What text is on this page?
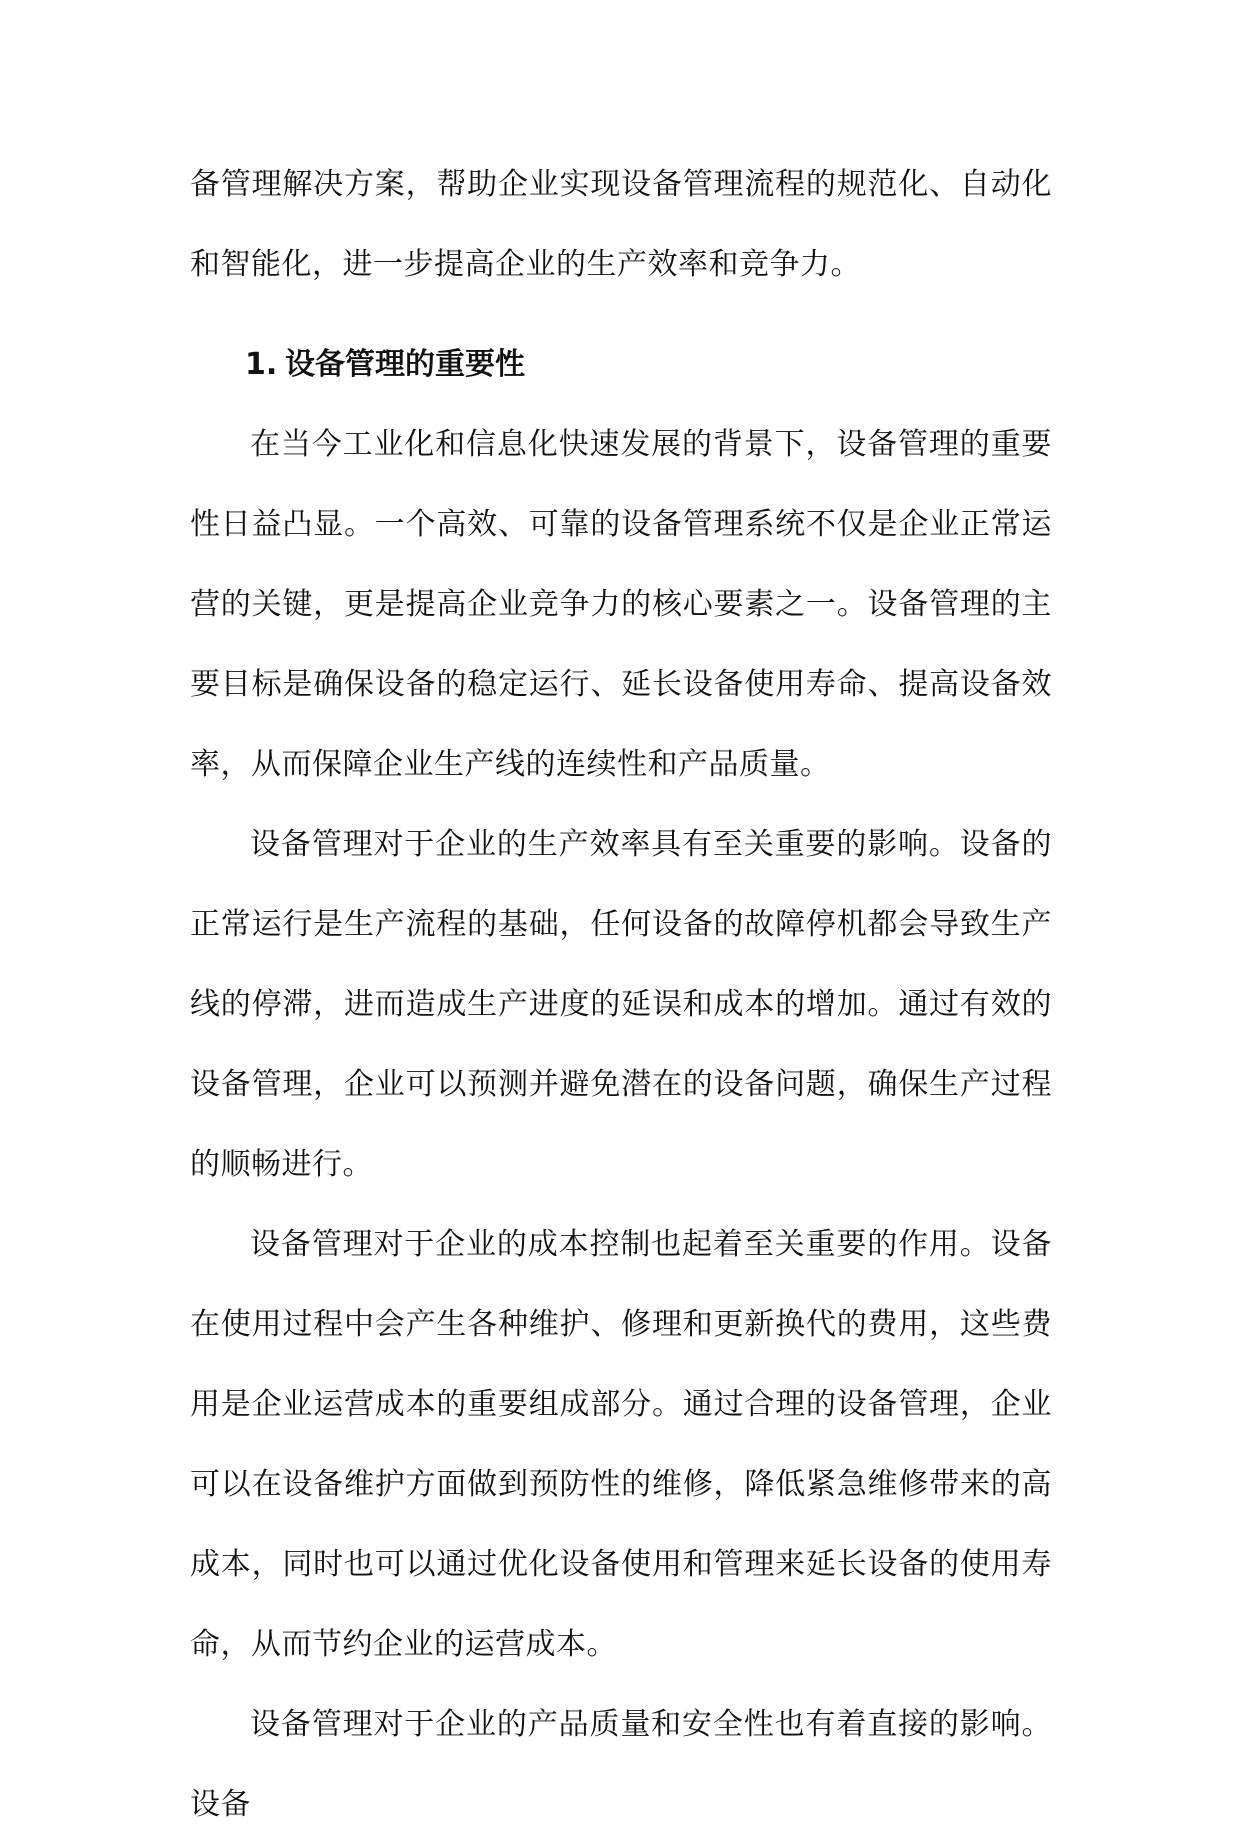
备管理解决方案，帮助企业实现设备管理流程的规范化、自动化和智能化，进一步提高企业的生产效率和竞争力。

1. 设备管理的重要性

在当今工业化和信息化快速发展的背景下，设备管理的重要性日益凸显。一个高效、可靠的设备管理系统不仅是企业正常运营的关键，更是提高企业竞争力的核心要素之一。设备管理的主要目标是确保设备的稳定运行、延长设备使用寿命、提高设备效率，从而保障企业生产线的连续性和产品质量。

设备管理对于企业的生产效率具有至关重要的影响。设备的正常运行是生产流程的基础，任何设备的故障停机都会导致生产线的停滞，进而造成生产进度的延误和成本的增加。通过有效的设备管理，企业可以预测并避免潜在的设备问题，确保生产过程的顺畅进行。

设备管理对于企业的成本控制也起着至关重要的作用。设备在使用过程中会产生各种维护、修理和更新换代的费用，这些费用是企业运营成本的重要组成部分。通过合理的设备管理，企业可以在设备维护方面做到预防性的维修，降低紧急维修带来的高成本，同时也可以通过优化设备使用和管理来延长设备的使用寿命，从而节约企业的运营成本。

设备管理对于企业的产品质量和安全性也有着直接的影响。设备
